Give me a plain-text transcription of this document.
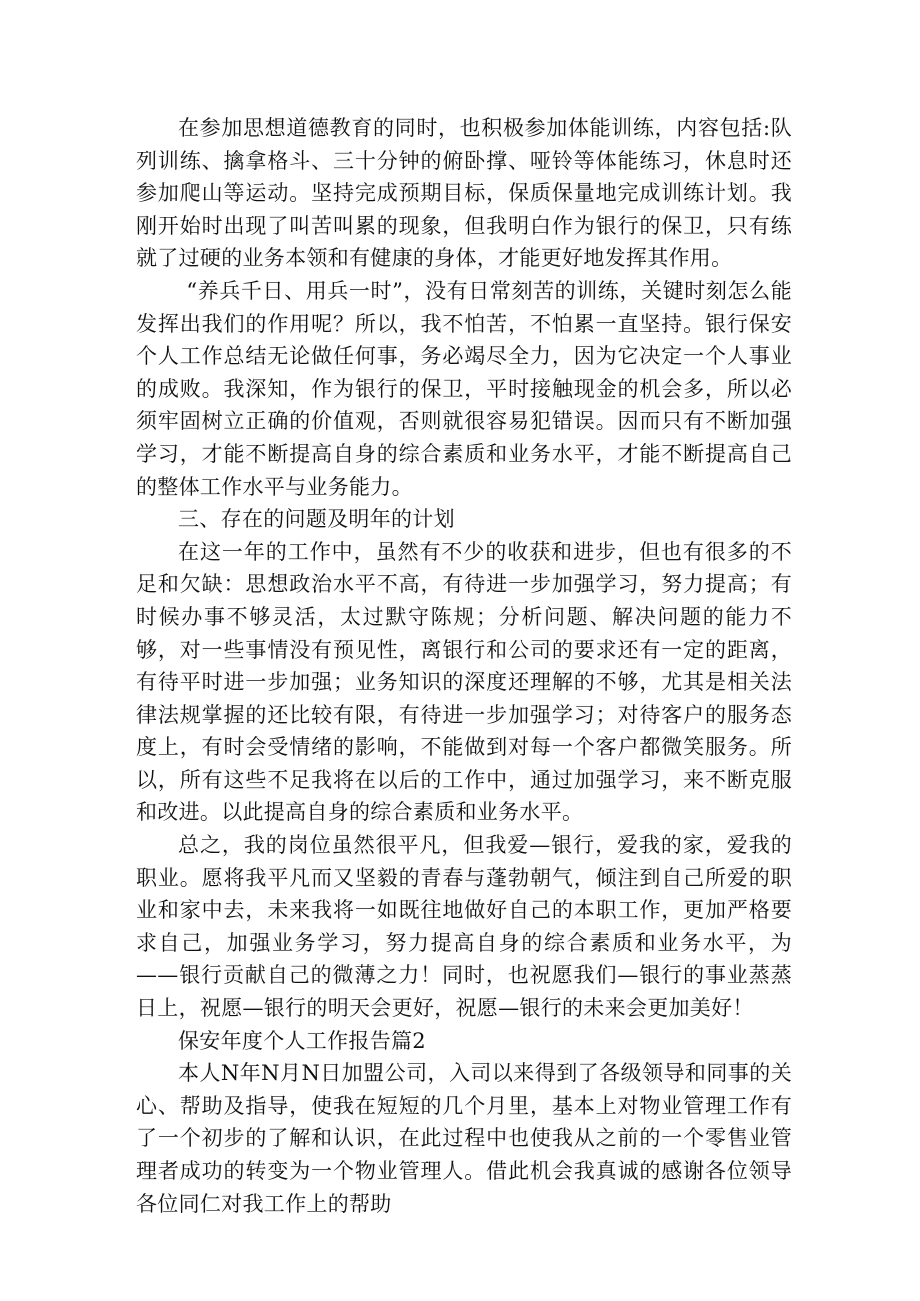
在参加思想道德教育的同时，也积极参加体能训练，内容包括:队列训练、擒拿格斗、三十分钟的俯卧撑、哑铃等体能练习，休息时还参加爬山等运动。坚持完成预期目标，保质保量地完成训练计划。我刚开始时出现了叫苦叫累的现象，但我明白作为银行的保卫，只有练就了过硬的业务本领和有健康的身体，才能更好地发挥其作用。

“养兵千日、用兵一时”，没有日常刻苦的训练，关键时刻怎么能发挥出我们的作用呢？所以，我不怕苦，不怕累一直坚持。银行保安个人工作总结无论做任何事，务必竭尽全力，因为它决定一个人事业的成败。我深知，作为银行的保卫，平时接触现金的机会多，所以必须牢固树立正确的价值观，否则就很容易犯错误。因而只有不断加强学习，才能不断提高自身的综合素质和业务水平，才能不断提高自己的整体工作水平与业务能力。

三、存在的问题及明年的计划

在这一年的工作中，虽然有不少的收获和进步，但也有很多的不足和欠缺：思想政治水平不高，有待进一步加强学习，努力提高；有时候办事不够灵活，太过默守陈规；分析问题、解决问题的能力不够，对一些事情没有预见性，离银行和公司的要求还有一定的距离，有待平时进一步加强；业务知识的深度还理解的不够，尤其是相关法律法规掌握的还比较有限，有待进一步加强学习；对待客户的服务态度上，有时会受情绪的影响，不能做到对每一个客户都微笑服务。所以，所有这些不足我将在以后的工作中，通过加强学习，来不断克服和改进。以此提高自身的综合素质和业务水平。

总之，我的岗位虽然很平凡，但我爱—银行，爱我的家，爱我的职业。愿将我平凡而又坚毅的青春与蓬勃朝气，倾注到自己所爱的职业和家中去，未来我将一如既往地做好自己的本职工作，更加严格要求自己，加强业务学习，努力提高自身的综合素质和业务水平，为——银行贡献自己的微薄之力！同时，也祝愿我们—银行的事业蒸蒸日上，祝愿—银行的明天会更好，祝愿—银行的未来会更加美好！

保安年度个人工作报告篇2

本人N年N月N日加盟公司，入司以来得到了各级领导和同事的关心、帮助及指导，使我在短短的几个月里，基本上对物业管理工作有了一个初步的了解和认识，在此过程中也使我从之前的一个零售业管理者成功的转变为一个物业管理人。借此机会我真诚的感谢各位领导各位同仁对我工作上的帮助
